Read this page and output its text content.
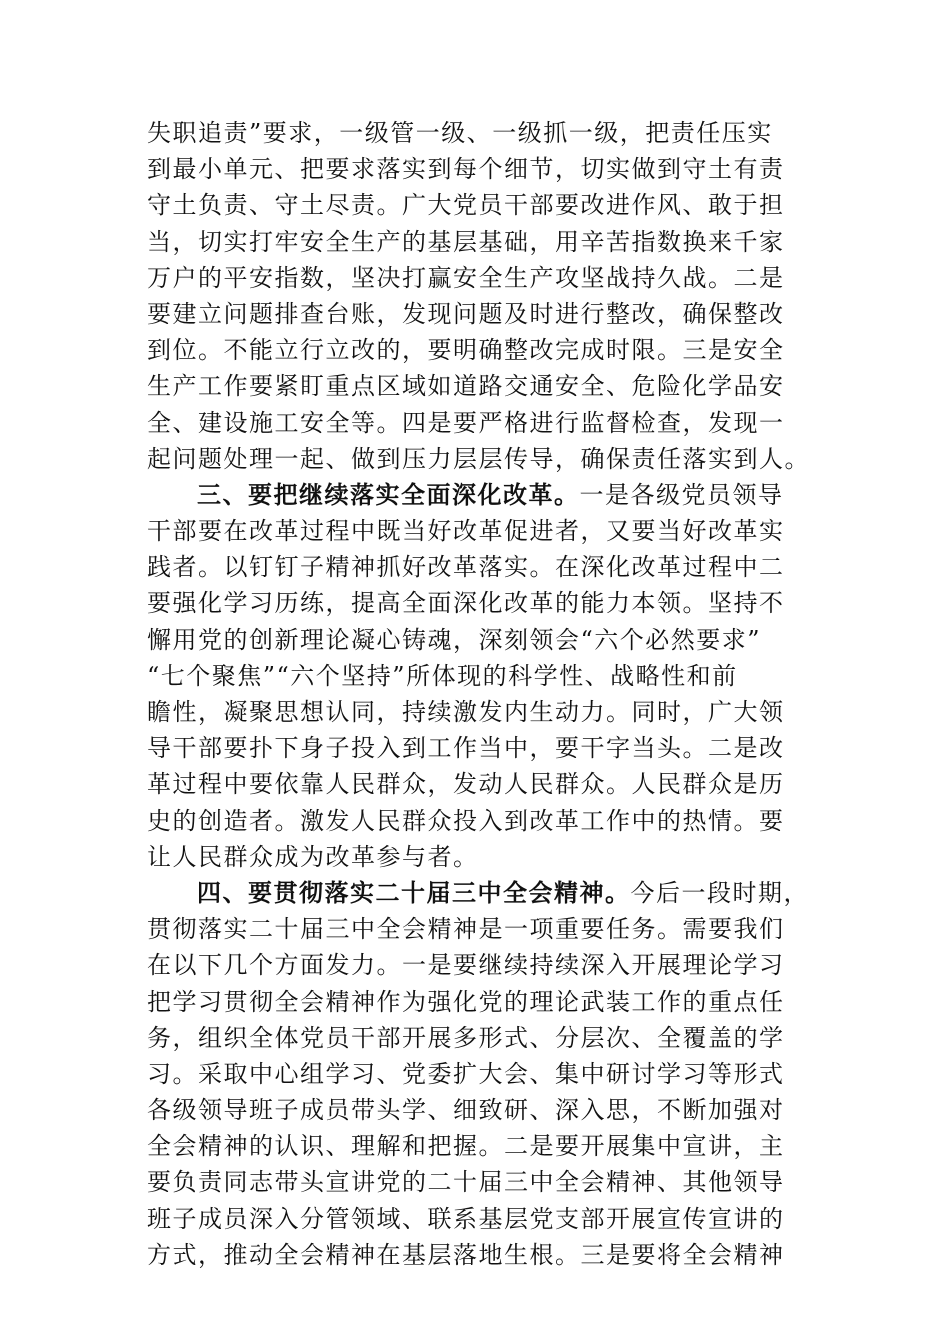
失职追责”要求，一级管一级、一级抓一级，把责任压实
到最小单元、把要求落实到每个细节，切实做到守土有责
守土负责、守土尽责。广大党员干部要改进作风、敢于担
当，切实打牢安全生产的基层基础，用辛苦指数换来千家
万户的平安指数，坚决打赢安全生产攻坚战持久战。二是
要建立问题排查台账，发现问题及时进行整改，确保整改
到位。不能立行立改的，要明确整改完成时限。三是安全
生产工作要紧盯重点区域如道路交通安全、危险化学品安
全、建设施工安全等。四是要严格进行监督检查，发现一
起问题处理一起、做到压力层层传导，确保责任落实到人。
三、要把继续落实全面深化改革。一是各级党员领导
干部要在改革过程中既当好改革促进者，又要当好改革实
践者。以钉钉子精神抓好改革落实。在深化改革过程中二
要强化学习历练，提高全面深化改革的能力本领。坚持不
懈用党的创新理论凝心铸魂，深刻领会“六个必然要求”
“七个聚焦”“六个坚持”所体现的科学性、战略性和前
瞻性，凝聚思想认同，持续激发内生动力。同时，广大领
导干部要扑下身子投入到工作当中，要干字当头。二是改
革过程中要依靠人民群众，发动人民群众。人民群众是历
史的创造者。激发人民群众投入到改革工作中的热情。要
让人民群众成为改革参与者。
四、要贯彻落实二十届三中全会精神。今后一段时期，
贯彻落实二十届三中全会精神是一项重要任务。需要我们
在以下几个方面发力。一是要继续持续深入开展理论学习
把学习贯彻全会精神作为强化党的理论武装工作的重点任
务，组织全体党员干部开展多形式、分层次、全覆盖的学
习。采取中心组学习、党委扩大会、集中研讨学习等形式
各级领导班子成员带头学、细致研、深入思，不断加强对
全会精神的认识、理解和把握。二是要开展集中宣讲，主
要负责同志带头宣讲党的二十届三中全会精神、其他领导
班子成员深入分管领域、联系基层党支部开展宣传宣讲的
方式，推动全会精神在基层落地生根。三是要将全会精神
